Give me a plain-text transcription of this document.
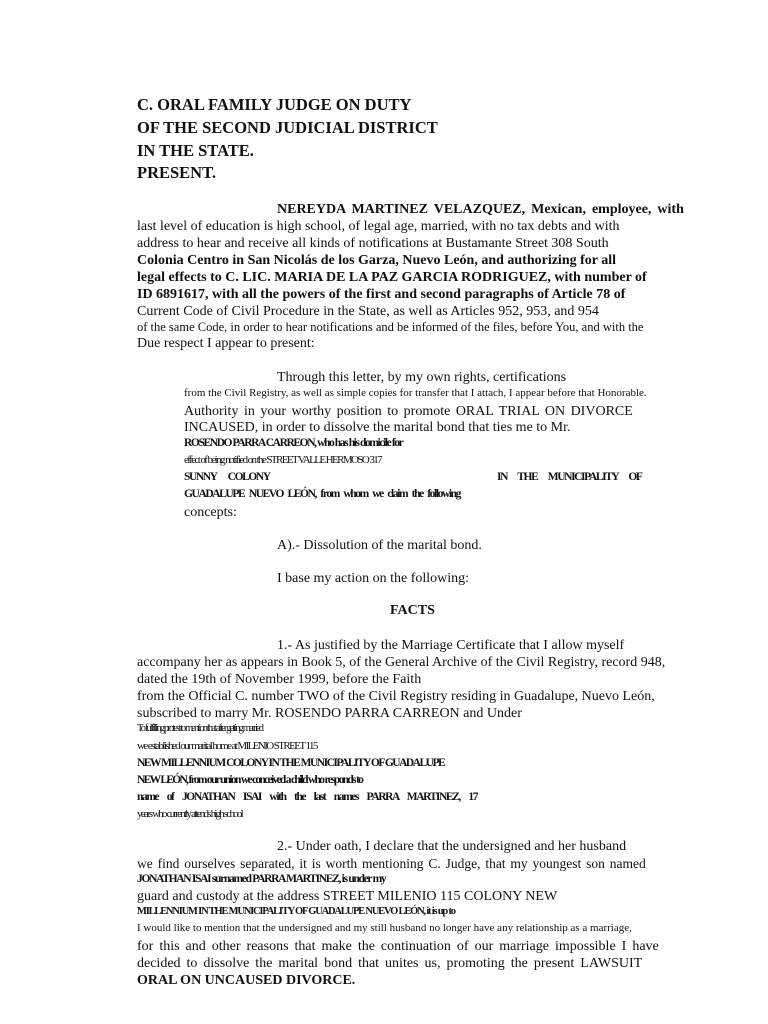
C. ORAL FAMILY JUDGE ON DUTY
OF THE SECOND JUDICIAL DISTRICT
IN THE STATE.
PRESENT.
NEREYDA MARTINEZ VELAZQUEZ, Mexican, employee, with
last level of education is high school, of legal age, married, with no tax debts and with
address to hear and receive all kinds of notifications at Bustamante Street 308 South
Colonia Centro in San Nicolás de los Garza, Nuevo León, and authorizing for all
legal effects to C. LIC. MARIA DE LA PAZ GARCIA RODRIGUEZ, with number of
ID 6891617, with all the powers of the first and second paragraphs of Article 78 of
Current Code of Civil Procedure in the State, as well as Articles 952, 953, and 954
of the same Code, in order to hear notifications and be informed of the files, before You, and with the
Due respect I appear to present:
Through this letter, by my own rights, certifications
from the Civil Registry, as well as simple copies for transfer that I attach, I appear before that Honorable.
Authority in your worthy position to promote ORAL TRIAL ON DIVORCE
INCAUSED, in order to dissolve the marital bond that ties me to Mr.
ROSENDO PARRA CARREON, who has his domicile for
effect of being notified on the STREET VALLE HERMOSO 317
SUNNY COLONY	IN THE MUNICIPALITY OF
GUADALUPE NUEVO LEÓN, from whom we claim the following
concepts:
A).- Dissolution of the marital bond.
I base my action on the following:
FACTS
1.- As justified by the Marriage Certificate that I allow myself
accompany her as appears in Book 5, of the General Archive of the Civil Registry, record 948,
dated the 19th of November 1999, before the Faith
from the Official C. number TWO of the Civil Registry residing in Guadalupe, Nuevo León,
subscribed to marry Mr. ROSENDO PARRA CARREON and Under
To fulfilling protest to mention that after getting married
we established our marital home at MILENIO STREET 115
NEW MILLENNIUM COLONY IN THE MUNICIPALITY OF GUADALUPE
NEW LEÓN, from our union we conceived a child who responds to
name of JONATHAN ISAI with the last names PARRA MARTINEZ, 17
years who currently attends high school
2.- Under oath, I declare that the undersigned and her husband
we find ourselves separated, it is worth mentioning C. Judge, that my youngest son named
JONATHAN ISAI surnamed PARRA MARTINEZ, is under my
guard and custody at the address STREET MILENIO 115 COLONY NEW
MILLENNIUM IN THE MUNICIPALITY OF GUADALUPE NUEVO LEÓN, it is up to
I would like to mention that the undersigned and my still husband no longer have any relationship as a marriage,
for this and other reasons that make the continuation of our marriage impossible I have
decided to dissolve the marital bond that unites us, promoting the present LAWSUIT
ORAL ON UNCAUSED DIVORCE.
